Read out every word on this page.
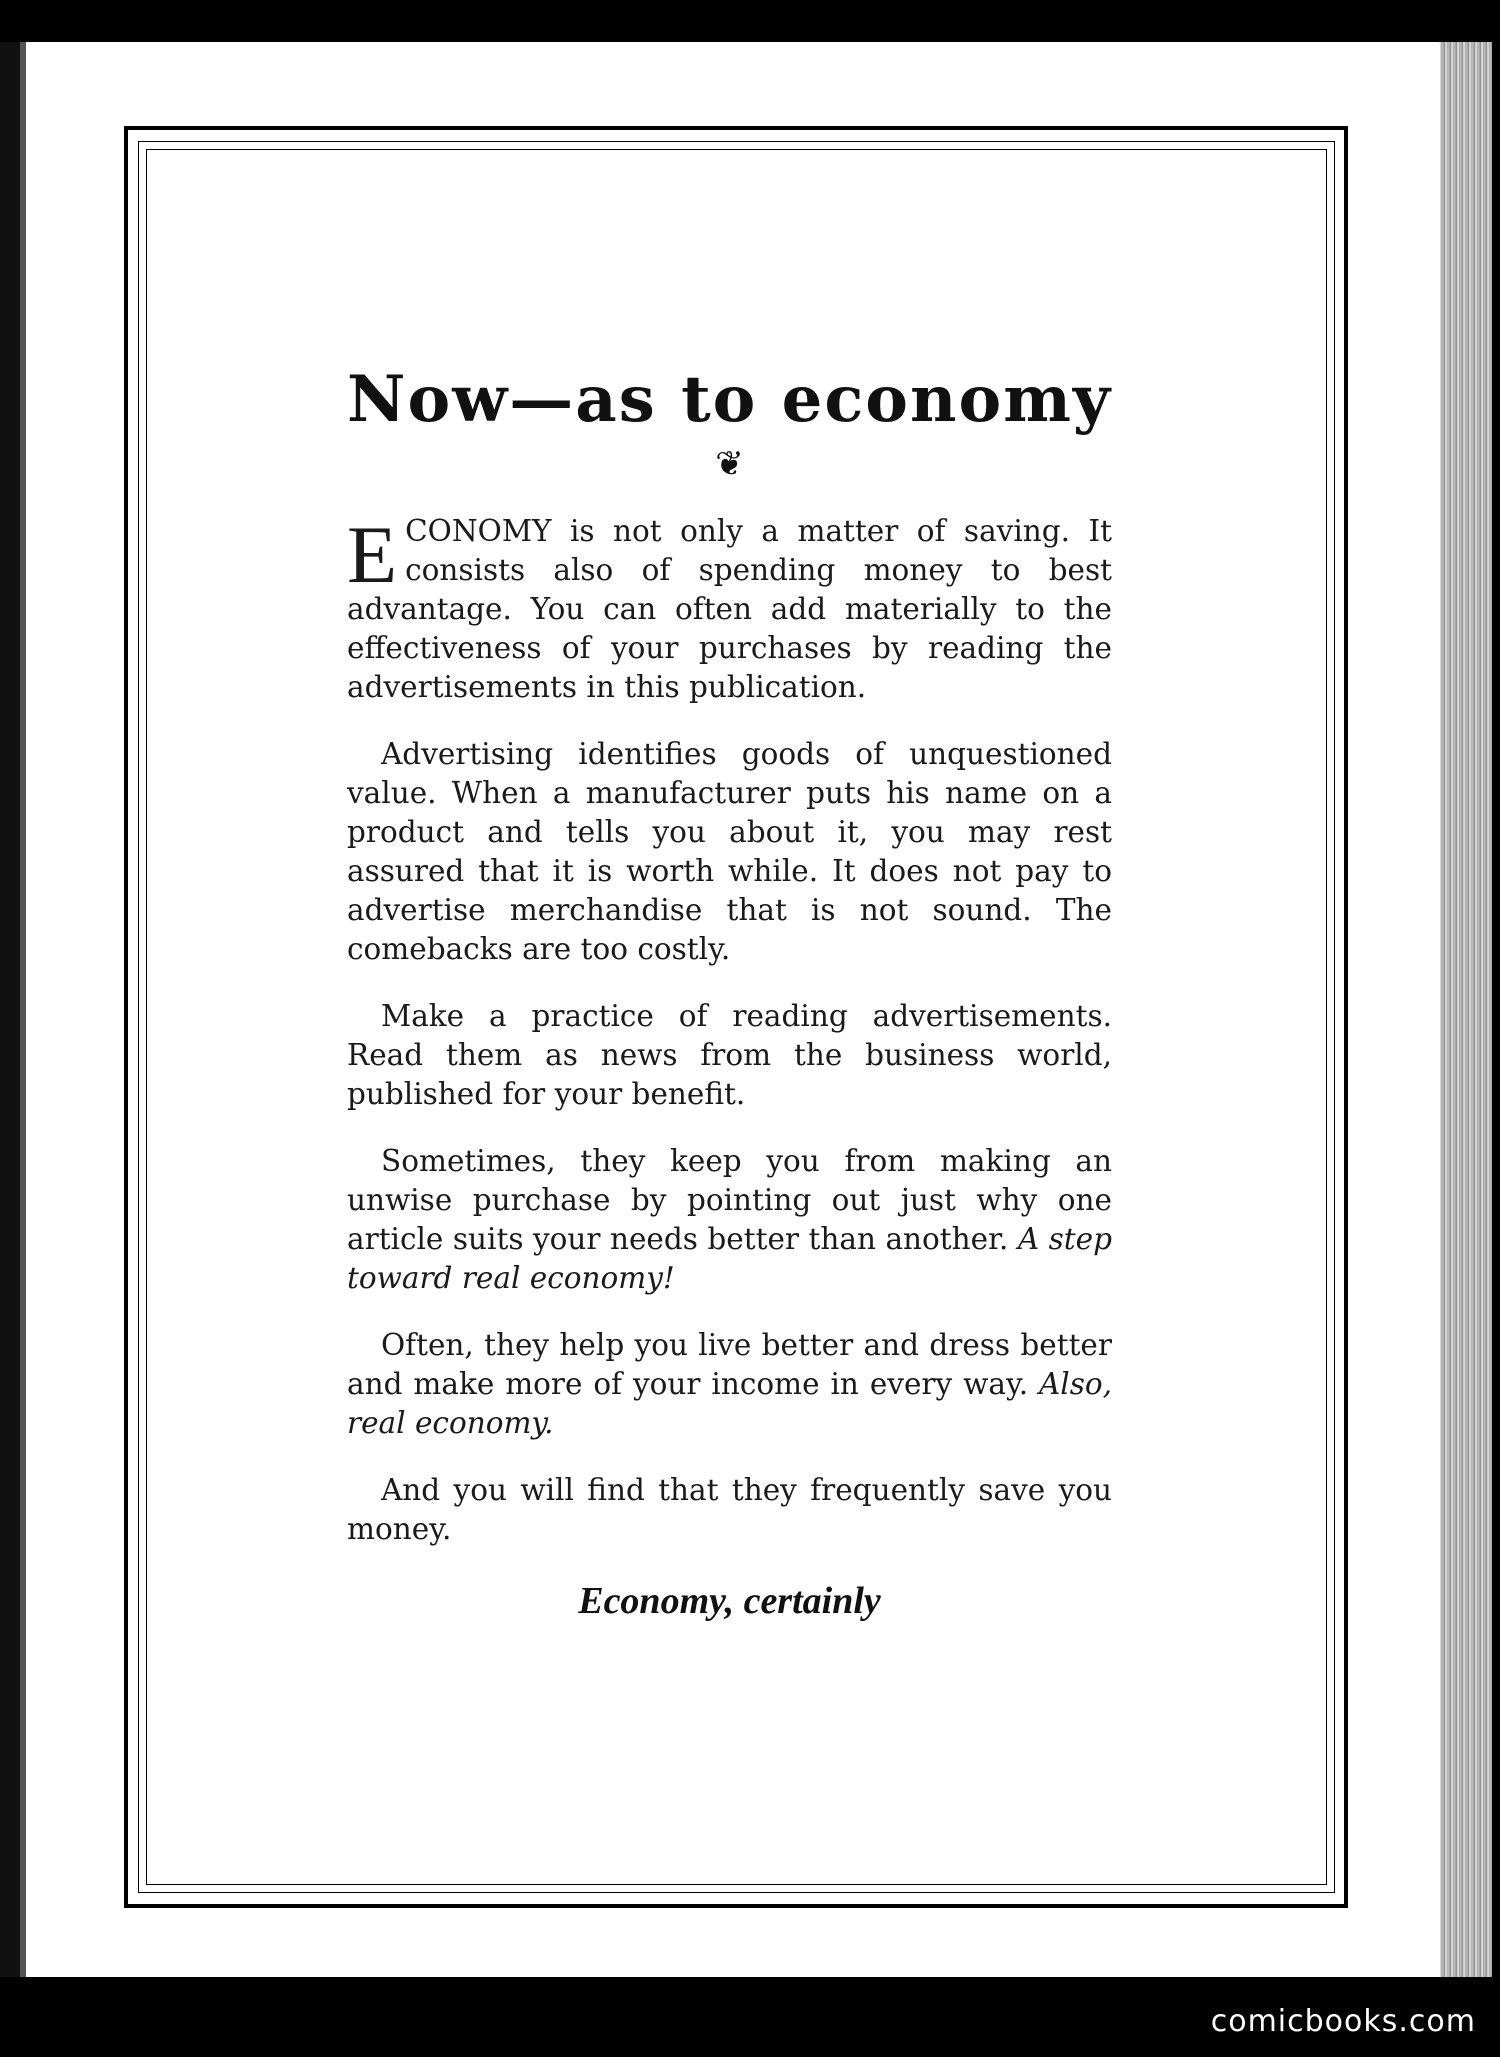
Now—as to economy
❦

ECONOMY is not only a matter of saving. It consists also of spending money to best advantage. You can often add materially to the effectiveness of your purchases by reading the advertisements in this publication.

Advertising identifies goods of unquestioned value. When a manufacturer puts his name on a product and tells you about it, you may rest assured that it is worth while. It does not pay to advertise merchandise that is not sound. The comebacks are too costly.

Make a practice of reading advertisements. Read them as news from the business world, published for your benefit.

Sometimes, they keep you from making an unwise purchase by pointing out just why one article suits your needs better than another. A step toward real economy!

Often, they help you live better and dress better and make more of your income in every way. Also, real economy.

And you will find that they frequently save you money.

Economy, certainly
comicbooks.com
